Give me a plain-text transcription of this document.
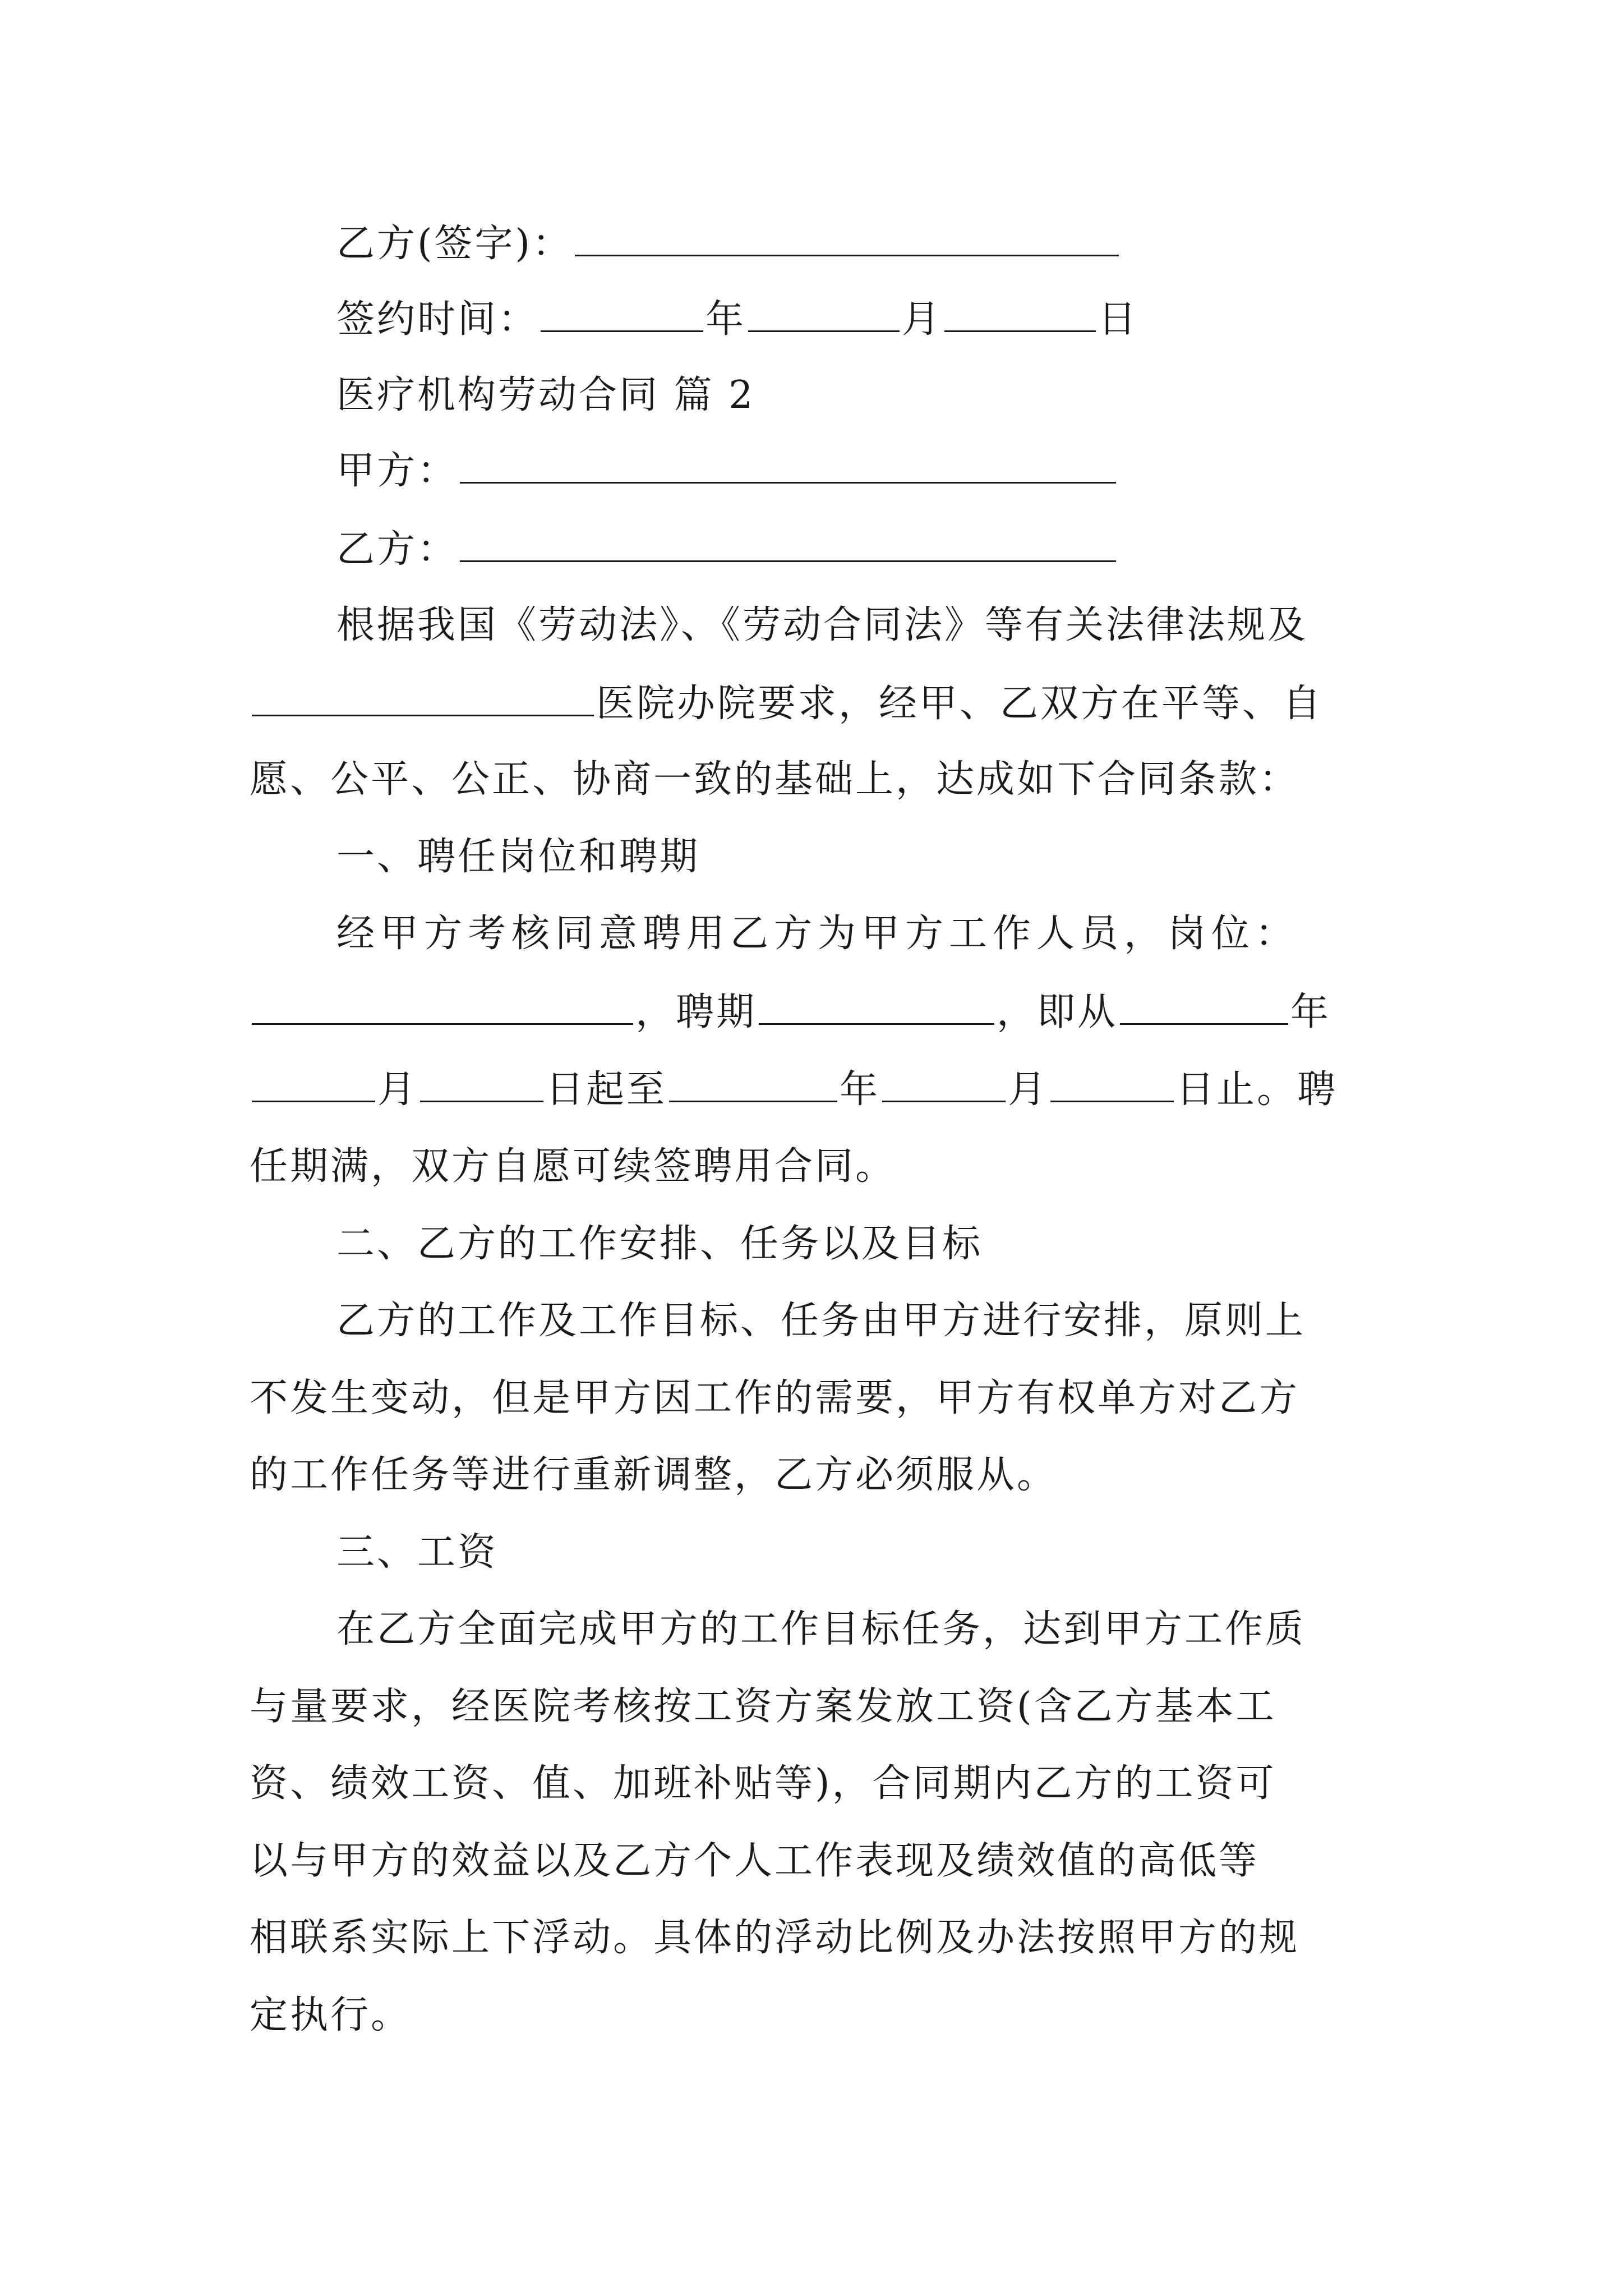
乙方(签字)：
签约时间：	年	月	日
医疗机构劳动合同 篇 2
甲方：
乙方：
根据我国《劳动法》、《劳动合同法》等有关法律法规及
医院办院要求，经甲、乙双方在平等、自
愿、公平、公正、协商一致的基础上，达成如下合同条款：
一、聘任岗位和聘期
经甲方考核同意聘用乙方为甲方工作人员，岗位：
，聘期	，即从	年
月	日起至	年	月	日止。聘
任期满，双方自愿可续签聘用合同。
二、乙方的工作安排、任务以及目标
乙方的工作及工作目标、任务由甲方进行安排，原则上
不发生变动，但是甲方因工作的需要，甲方有权单方对乙方
的工作任务等进行重新调整，乙方必须服从。
三、工资
在乙方全面完成甲方的工作目标任务，达到甲方工作质
与量要求，经医院考核按工资方案发放工资(含乙方基本工
资、绩效工资、值、加班补贴等)，合同期内乙方的工资可
以与甲方的效益以及乙方个人工作表现及绩效值的高低等
相联系实际上下浮动。具体的浮动比例及办法按照甲方的规
定执行。
